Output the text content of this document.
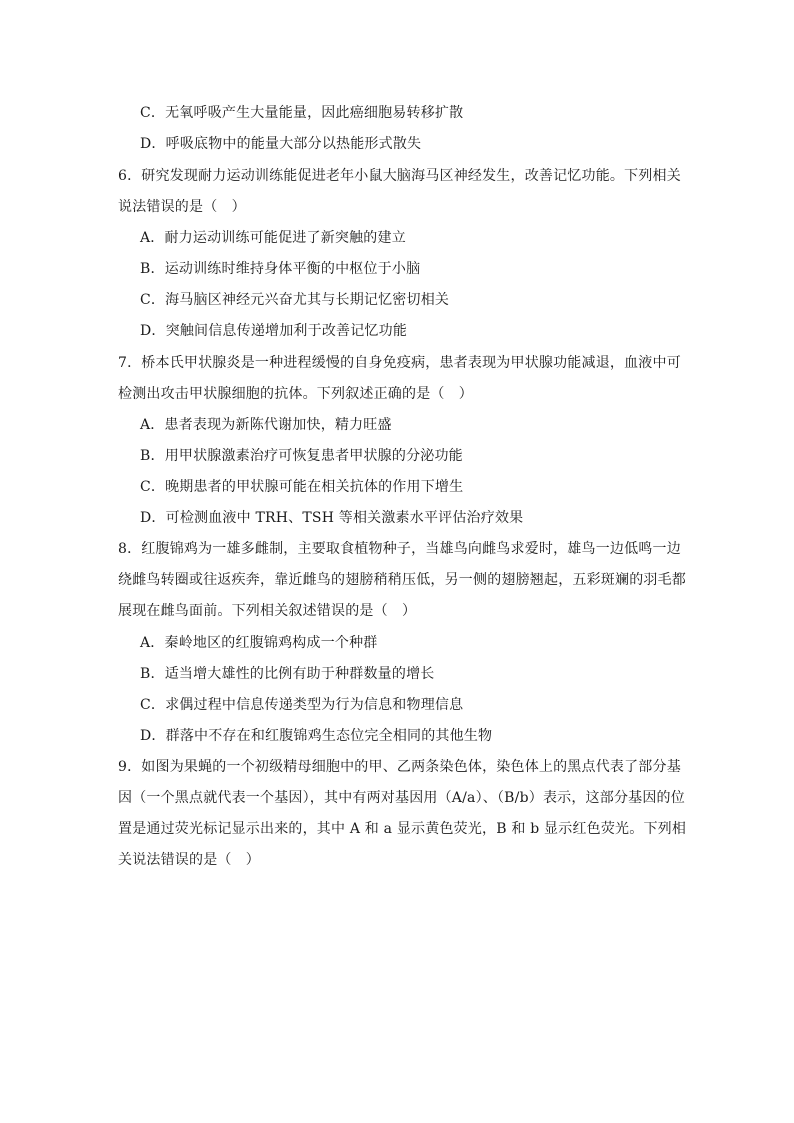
C．无氧呼吸产生大量能量，因此癌细胞易转移扩散
D．呼吸底物中的能量大部分以热能形式散失
6．研究发现耐力运动训练能促进老年小鼠大脑海马区神经发生，改善记忆功能。下列相关
说法错误的是（　）
A．耐力运动训练可能促进了新突触的建立
B．运动训练时维持身体平衡的中枢位于小脑
C．海马脑区神经元兴奋尤其与长期记忆密切相关
D．突触间信息传递增加利于改善记忆功能
7．桥本氏甲状腺炎是一种进程缓慢的自身免疫病，患者表现为甲状腺功能减退，血液中可
检测出攻击甲状腺细胞的抗体。下列叙述正确的是（　）
A．患者表现为新陈代谢加快，精力旺盛
B．用甲状腺激素治疗可恢复患者甲状腺的分泌功能
C．晚期患者的甲状腺可能在相关抗体的作用下增生
D．可检测血液中 TRH、TSH 等相关激素水平评估治疗效果
8．红腹锦鸡为一雄多雌制，主要取食植物种子，当雄鸟向雌鸟求爱时，雄鸟一边低鸣一边
绕雌鸟转圈或往返疾奔，靠近雌鸟的翅膀稍稍压低，另一侧的翅膀翘起，五彩斑斓的羽毛都
展现在雌鸟面前。下列相关叙述错误的是（　）
A．秦岭地区的红腹锦鸡构成一个种群
B．适当增大雄性的比例有助于种群数量的增长
C．求偶过程中信息传递类型为行为信息和物理信息
D．群落中不存在和红腹锦鸡生态位完全相同的其他生物
9．如图为果蝇的一个初级精母细胞中的甲、乙两条染色体，染色体上的黑点代表了部分基
因（一个黑点就代表一个基因），其中有两对基因用（A/a）、（B/b）表示，这部分基因的位
置是通过荧光标记显示出来的，其中 A 和 a 显示黄色荧光，B 和 b 显示红色荧光。下列相
关说法错误的是（　）
